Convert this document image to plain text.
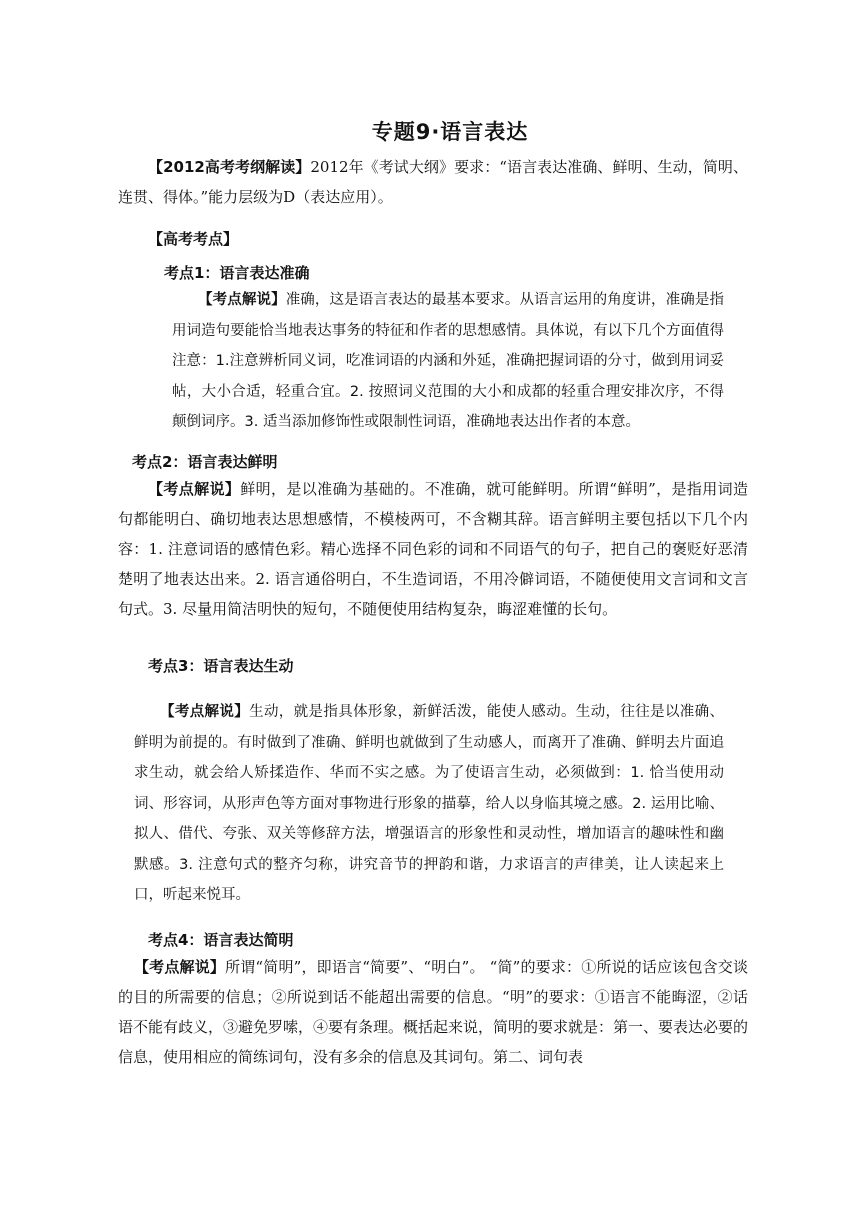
专题9·语言表达

【2012高考考纲解读】2012年《考试大纲》要求：“语言表达准确、鲜明、生动，简明、连贯、得体。”能力层级为D（表达应用）。

【高考考点】
考点1：语言表达准确

【考点解说】准确，这是语言表达的最基本要求。从语言运用的角度讲，准确是指用词造句要能恰当地表达事务的特征和作者的思想感情。具体说，有以下几个方面值得注意：1.注意辨析同义词，吃准词语的内涵和外延，准确把握词语的分寸，做到用词妥帖，大小合适，轻重合宜。2. 按照词义范围的大小和成都的轻重合理安排次序，不得颠倒词序。3. 适当添加修饰性或限制性词语，准确地表达出作者的本意。

考点2：语言表达鲜明

【考点解说】鲜明，是以准确为基础的。不准确，就可能鲜明。所谓“鲜明”，是指用词造句都能明白、确切地表达思想感情，不模棱两可，不含糊其辞。语言鲜明主要包括以下几个内容：1. 注意词语的感情色彩。精心选择不同色彩的词和不同语气的句子，把自己的褒贬好恶清楚明了地表达出来。2. 语言通俗明白，不生造词语，不用冷僻词语，不随便使用文言词和文言句式。3. 尽量用简洁明快的短句，不随便使用结构复杂，晦涩难懂的长句。

考点3：语言表达生动

【考点解说】生动，就是指具体形象，新鲜活泼，能使人感动。生动，往往是以准确、鲜明为前提的。有时做到了准确、鲜明也就做到了生动感人，而离开了准确、鲜明去片面追求生动，就会给人矫揉造作、华而不实之感。为了使语言生动，必须做到：1. 恰当使用动词、形容词，从形声色等方面对事物进行形象的描摹，给人以身临其境之感。2. 运用比喻、拟人、借代、夸张、双关等修辞方法，增强语言的形象性和灵动性，增加语言的趣味性和幽默感。3. 注意句式的整齐匀称，讲究音节的押韵和谐，力求语言的声律美，让人读起来上口，听起来悦耳。

考点4：语言表达简明

【考点解说】所谓“简明”，即语言“简要”、“明白”。 “简”的要求：①所说的话应该包含交谈的目的所需要的信息；②所说到话不能超出需要的信息。“明”的要求：①语言不能晦涩，②话语不能有歧义，③避免罗嗦，④要有条理。概括起来说，简明的要求就是：第一、要表达必要的信息，使用相应的简练词句，没有多余的信息及其词句。第二、词句表
